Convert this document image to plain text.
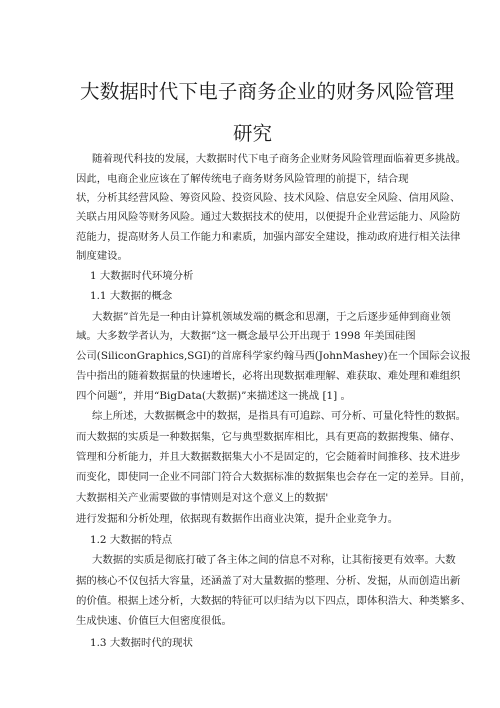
大数据时代下电子商务企业的财务风险管理
研究
随着现代科技的发展，大数据时代下电子商务企业财务风险管理面临着更多挑战。
因此，电商企业应该在了解传统电子商务财务风险管理的前提下，结合现
状，分析其经营风险、筹资风险、投资风险、技术风险、信息安全风险、信用风险、
关联占用风险等财务风险。通过大数据技术的使用，以便提升企业营运能力、风险防
范能力，提高财务人员工作能力和素质，加强内部安全建设，推动政府进行相关法律
制度建设。
1 大数据时代环境分析
1.1 大数据的概念
大数据”首先是一种由计算机领域发端的概念和思潮，于之后逐步延伸到商业领
域。大多数学者认为，大数据”这一概念最早公开出现于 1998 年美国硅图
公司(SiliconGraphics,SGI)的首席科学家约翰马西(JohnMashey)在一个国际会议报
告中指出的随着数据量的快速增长，必将出现数据难理解、难获取、难处理和难组织
四个问题”，并用“BigData(大数据)”来描述这一挑战 [1] 。
综上所述，大数据概念中的数据，是指具有可追踪、可分析、可量化特性的数据。
而大数据的实质是一种数据集，它与典型数据库相比，具有更高的数据搜集、储存、
管理和分析能力，并且大数据数据集大小不是固定的，它会随着时间推移、技术进步
而变化，即使同一企业不同部门符合大数据标准的数据集也会存在一定的差异。目前，
大数据相关产业需要做的事情则是对这个意义上的数据'
进行发掘和分析处理，依据现有数据作出商业决策，提升企业竞争力。
1.2 大数据的特点
大数据的实质是彻底打破了各主体之间的信息不对称，让其衔接更有效率。大数
据的核心不仅包括大容量，还涵盖了对大量数据的整理、分析、发掘，从而创造出新
的价值。根据上述分析，大数据的特征可以归结为以下四点，即体积浩大、种类繁多、
生成快速、价值巨大但密度很低。
1.3 大数据时代的现状
